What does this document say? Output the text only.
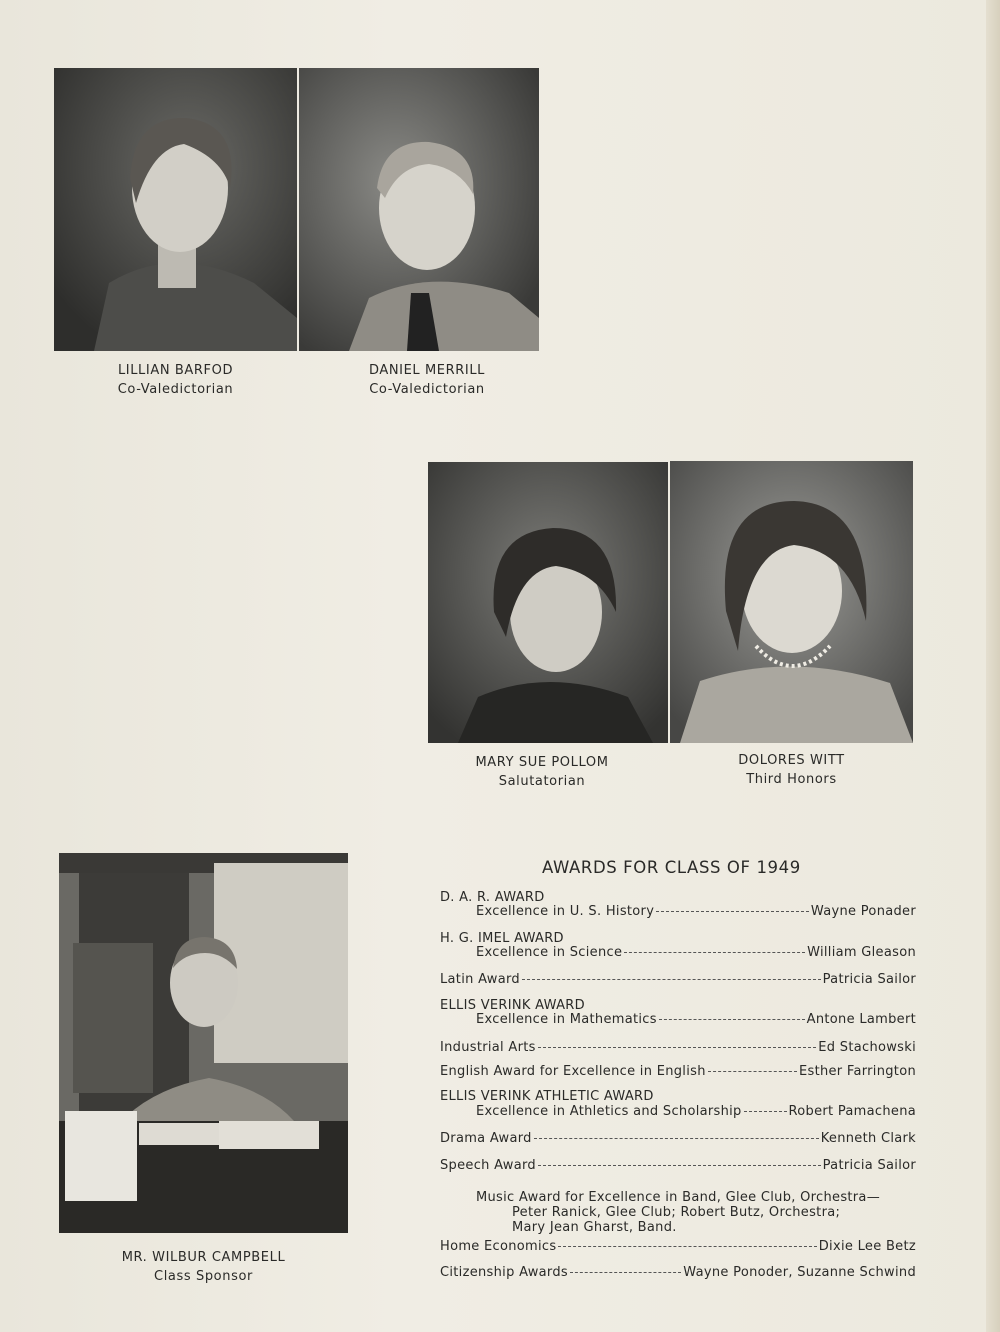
LILLIAN BARFOD
Co-Valedictorian
DANIEL MERRILL
Co-Valedictorian
MARY SUE POLLOM
Salutatorian
DOLORES WITT
Third Honors
MR. WILBUR CAMPBELL
Class Sponsor
AWARDS FOR CLASS OF 1949
D. A. R. AWARD
Excellence in U. S. History	Wayne Ponader
H. G. IMEL AWARD
Excellence in Science	William Gleason
Latin Award	Patricia Sailor
ELLIS VERINK AWARD
Excellence in Mathematics	Antone Lambert
Industrial Arts	Ed Stachowski
English Award for Excellence in English	Esther Farrington
ELLIS VERINK ATHLETIC AWARD
Excellence in Athletics and Scholarship	Robert Pamachena
Drama Award	Kenneth Clark
Speech Award	Patricia Sailor
Music Award for Excellence in Band, Glee Club, Orchestra—
Peter Ranick, Glee Club; Robert Butz, Orchestra;
Mary Jean Gharst, Band.
Home Economics	Dixie Lee Betz
Citizenship Awards	Wayne Ponoder, Suzanne Schwind
